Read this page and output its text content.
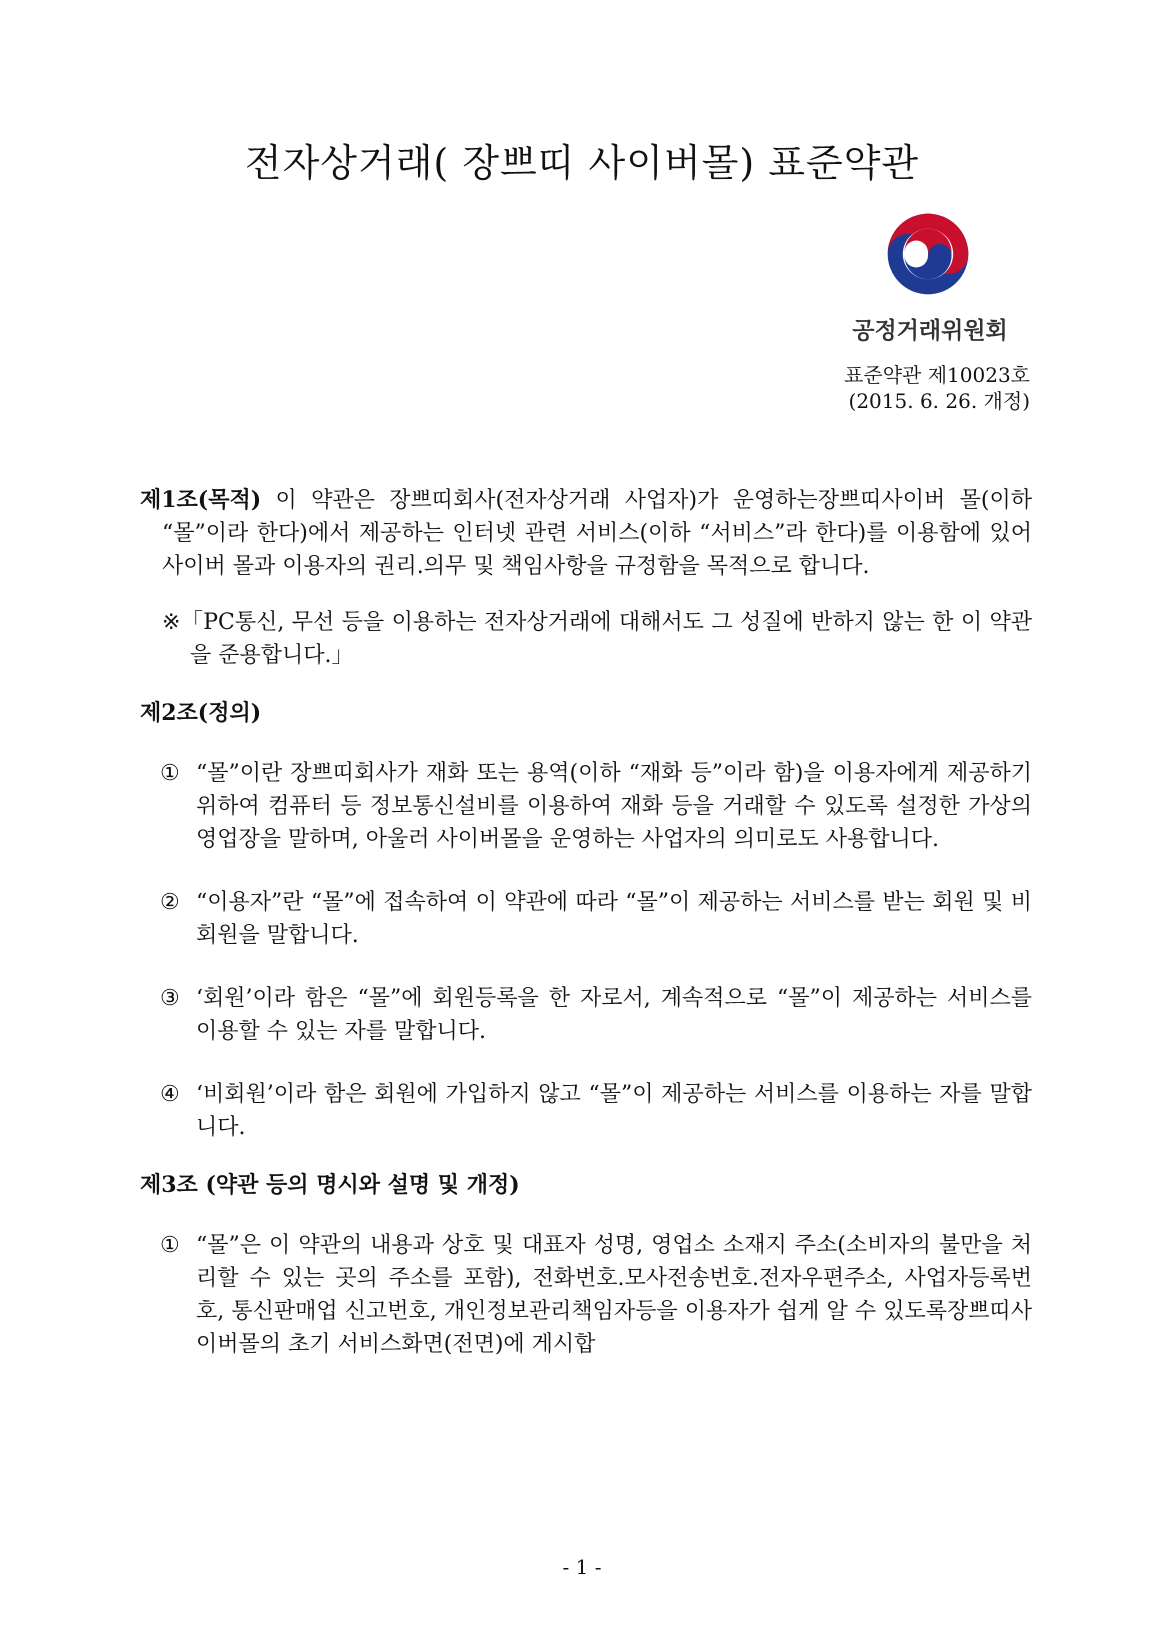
전자상거래( 장쁘띠 사이버몰) 표준약관
공정거래위원회
표준약관 제10023호
(2015. 6. 26. 개정)

제1조(목적) 이 약관은 장쁘띠회사(전자상거래 사업자)가 운영하는장쁘띠사이버 몰(이하 “몰”이라 한다)에서 제공하는 인터넷 관련 서비스(이하 “서비스”라 한다)를 이용함에 있어 사이버 몰과 이용자의 권리.의무 및 책임사항을 규정함을 목적으로 합니다.

※「PC통신, 무선 등을 이용하는 전자상거래에 대해서도 그 성질에 반하지 않는 한 이 약관을 준용합니다.」

제2조(정의)

① “몰”이란 장쁘띠회사가 재화 또는 용역(이하 “재화 등”이라 함)을 이용자에게 제공하기 위하여 컴퓨터 등 정보통신설비를 이용하여 재화 등을 거래할 수 있도록 설정한 가상의 영업장을 말하며, 아울러 사이버몰을 운영하는 사업자의 의미로도 사용합니다.
② “이용자”란 “몰”에 접속하여 이 약관에 따라 “몰”이 제공하는 서비스를 받는 회원 및 비회원을 말합니다.
③ ‘회원’이라 함은 “몰”에 회원등록을 한 자로서, 계속적으로 “몰”이 제공하는 서비스를 이용할 수 있는 자를 말합니다.
④ ‘비회원’이라 함은 회원에 가입하지 않고 “몰”이 제공하는 서비스를 이용하는 자를 말합니다.

제3조 (약관 등의 명시와 설명 및 개정)

① “몰”은 이 약관의 내용과 상호 및 대표자 성명, 영업소 소재지 주소(소비자의 불만을 처리할 수 있는 곳의 주소를 포함), 전화번호.모사전송번호.전자우편주소, 사업자등록번호, 통신판매업 신고번호, 개인정보관리책임자등을 이용자가 쉽게 알 수 있도록장쁘띠사이버몰의 초기 서비스화면(전면)에 게시합
- 1 -
